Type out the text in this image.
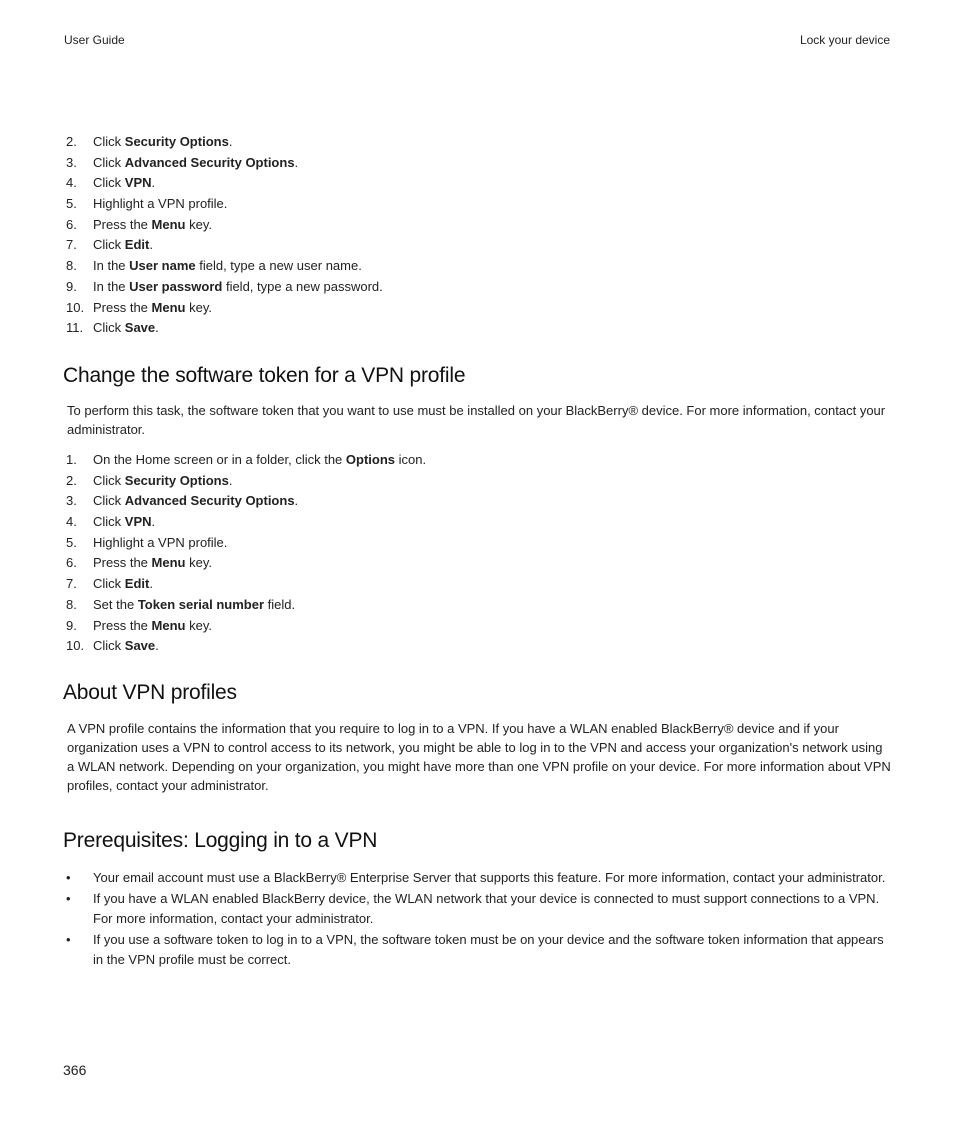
User Guide	Lock your device
2. Click Security Options.
3. Click Advanced Security Options.
4. Click VPN.
5. Highlight a VPN profile.
6. Press the Menu key.
7. Click Edit.
8. In the User name field, type a new user name.
9. In the User password field, type a new password.
10. Press the Menu key.
11. Click Save.
Change the software token for a VPN profile

To perform this task, the software token that you want to use must be installed on your BlackBerry® device. For more information, contact your administrator.

1. On the Home screen or in a folder, click the Options icon.
2. Click Security Options.
3. Click Advanced Security Options.
4. Click VPN.
5. Highlight a VPN profile.
6. Press the Menu key.
7. Click Edit.
8. Set the Token serial number field.
9. Press the Menu key.
10. Click Save.
About VPN profiles

A VPN profile contains the information that you require to log in to a VPN. If you have a WLAN enabled BlackBerry® device and if your organization uses a VPN to control access to its network, you might be able to log in to the VPN and access your organization's network using a WLAN network. Depending on your organization, you might have more than one VPN profile on your device. For more information about VPN profiles, contact your administrator.

Prerequisites: Logging in to a VPN
• Your email account must use a BlackBerry® Enterprise Server that supports this feature. For more information, contact your administrator.
• If you have a WLAN enabled BlackBerry device, the WLAN network that your device is connected to must support connections to a VPN. For more information, contact your administrator.
• If you use a software token to log in to a VPN, the software token must be on your device and the software token information that appears in the VPN profile must be correct.
366
